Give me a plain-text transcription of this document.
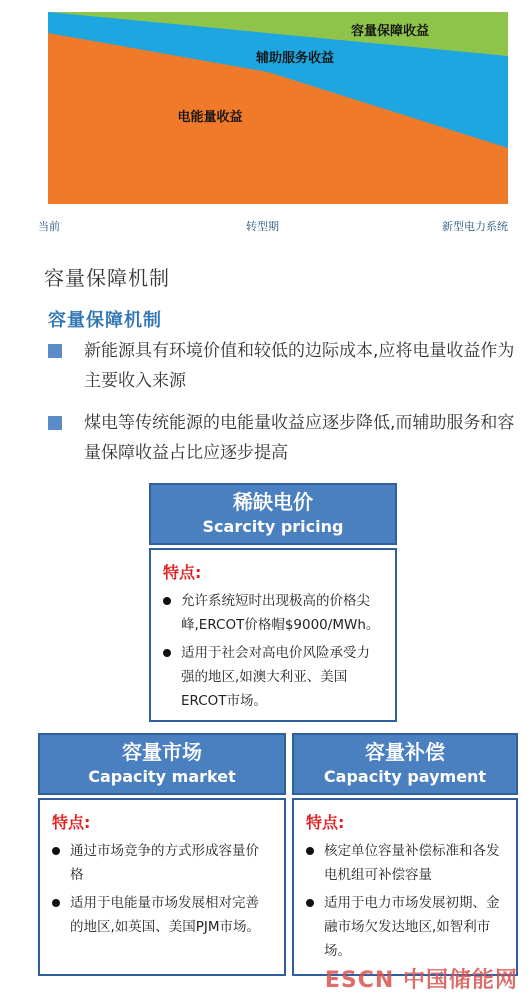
容量保障收益
辅助服务收益
电能量收益
当前	转型期	新型电力系统
容量保障机制
容量保障机制
新能源具有环境价值和较低的边际成本,应将电量收益作为主要收入来源
煤电等传统能源的电能量收益应逐步降低,而辅助服务和容量保障收益占比应逐步提高
稀缺电价
Scarcity pricing
特点:
允许系统短时出现极高的价格尖峰,ERCOT价格帽$9000/MWh。
适用于社会对高电价风险承受力强的地区,如澳大利亚、美国ERCOT市场。
容量市场
Capacity market
特点:
通过市场竞争的方式形成容量价格
适用于电能量市场发展相对完善的地区,如英国、美国PJM市场。
容量补偿
Capacity payment
特点:
核定单位容量补偿标准和各发电机组可补偿容量
适用于电力市场发展初期、金融市场欠发达地区,如智利市场。
ESCN 中国储能网
